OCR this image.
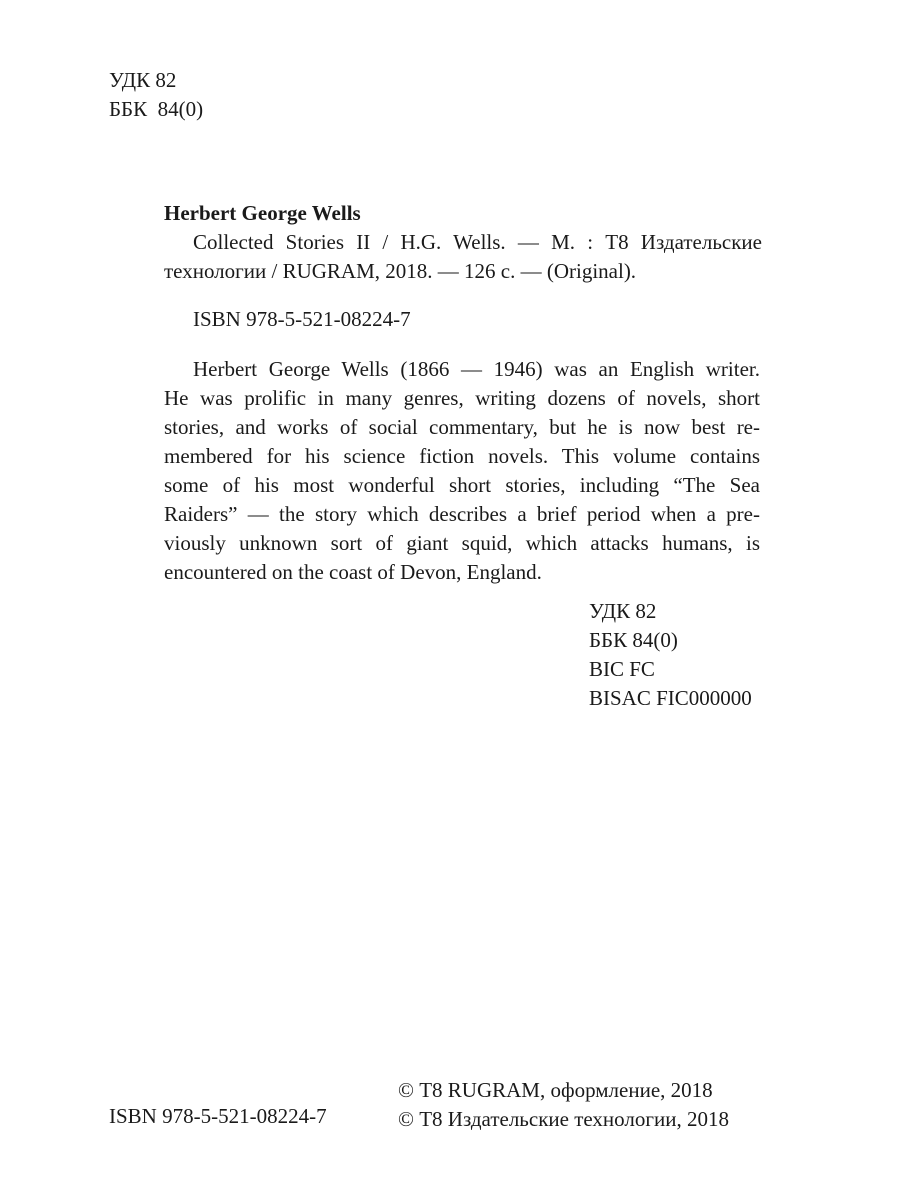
УДК 82
ББК  84(0)
Herbert George Wells
Collected Stories II / H.G. Wells. — М. : Т8 Издательские
технологии / RUGRAM, 2018. — 126 с. — (Original).
ISBN 978-5-521-08224-7
Herbert George Wells (1866 — 1946) was an English writer.
He was prolific in many genres, writing dozens of novels, short
stories, and works of social commentary, but he is now best re-
membered for his science fiction novels. This volume contains
some of his most wonderful short stories, including “The Sea
Raiders” — the story which describes a brief period when a pre-
viously unknown sort of giant squid, which attacks humans, is
encountered on the coast of Devon, England.
УДК 82
ББК 84(0)
BIC FC
BISAC FIC000000
ISBN 978-5-521-08224-7
© Т8 RUGRAM, оформление, 2018
© Т8 Издательские технологии, 2018
